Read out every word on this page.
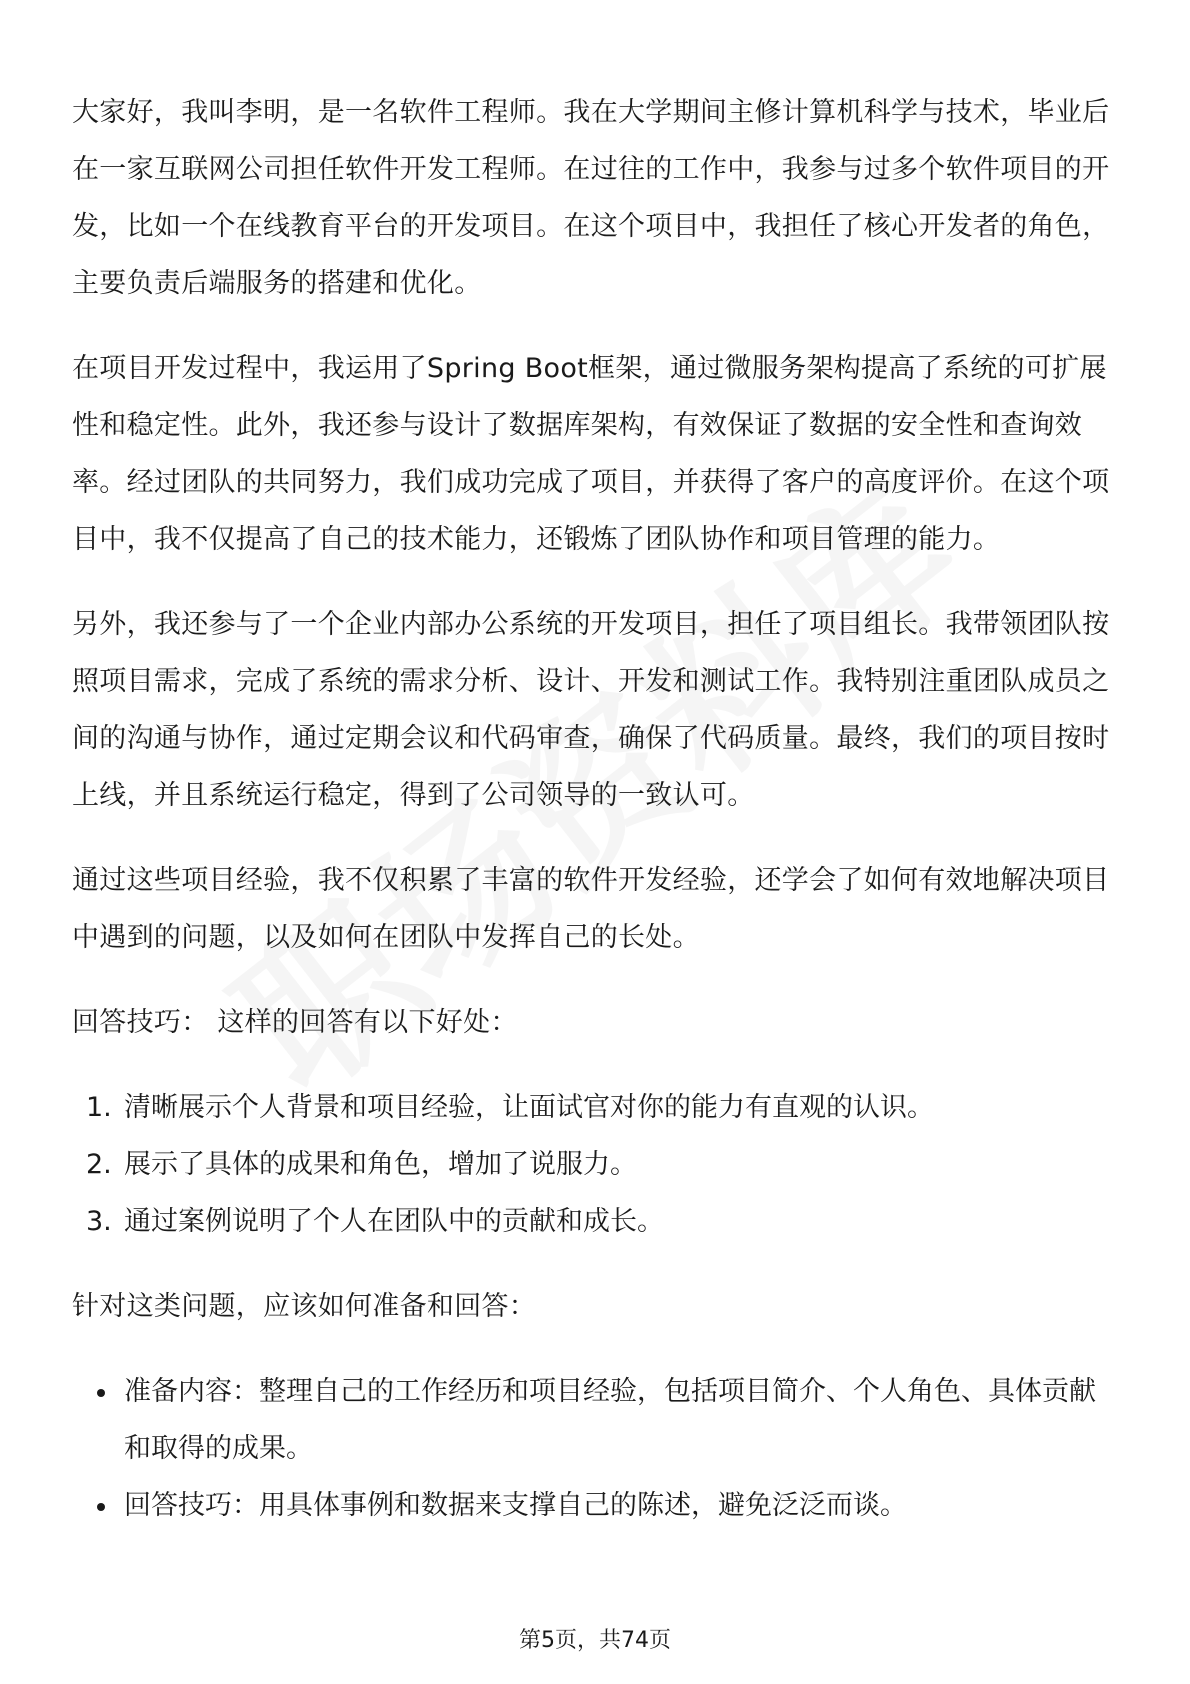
大家好，我叫李明，是一名软件工程师。我在大学期间主修计算机科学与技术，毕业后在一家互联网公司担任软件开发工程师。在过往的工作中，我参与过多个软件项目的开发，比如一个在线教育平台的开发项目。在这个项目中，我担任了核心开发者的角色，主要负责后端服务的搭建和优化。

在项目开发过程中，我运用了Spring Boot框架，通过微服务架构提高了系统的可扩展性和稳定性。此外，我还参与设计了数据库架构，有效保证了数据的安全性和查询效率。经过团队的共同努力，我们成功完成了项目，并获得了客户的高度评价。在这个项目中，我不仅提高了自己的技术能力，还锻炼了团队协作和项目管理的能力。

另外，我还参与了一个企业内部办公系统的开发项目，担任了项目组长。我带领团队按照项目需求，完成了系统的需求分析、设计、开发和测试工作。我特别注重团队成员之间的沟通与协作，通过定期会议和代码审查，确保了代码质量。最终，我们的项目按时上线，并且系统运行稳定，得到了公司领导的一致认可。

通过这些项目经验，我不仅积累了丰富的软件开发经验，还学会了如何有效地解决项目中遇到的问题，以及如何在团队中发挥自己的长处。

回答技巧： 这样的回答有以下好处：

1. 清晰展示个人背景和项目经验，让面试官对你的能力有直观的认识。
2. 展示了具体的成果和角色，增加了说服力。
3. 通过案例说明了个人在团队中的贡献和成长。

针对这类问题，应该如何准备和回答：

准备内容：整理自己的工作经历和项目经验，包括项目简介、个人角色、具体贡献和取得的成果。
回答技巧：用具体事例和数据来支撑自己的陈述，避免泛泛而谈。
第5页，共74页
